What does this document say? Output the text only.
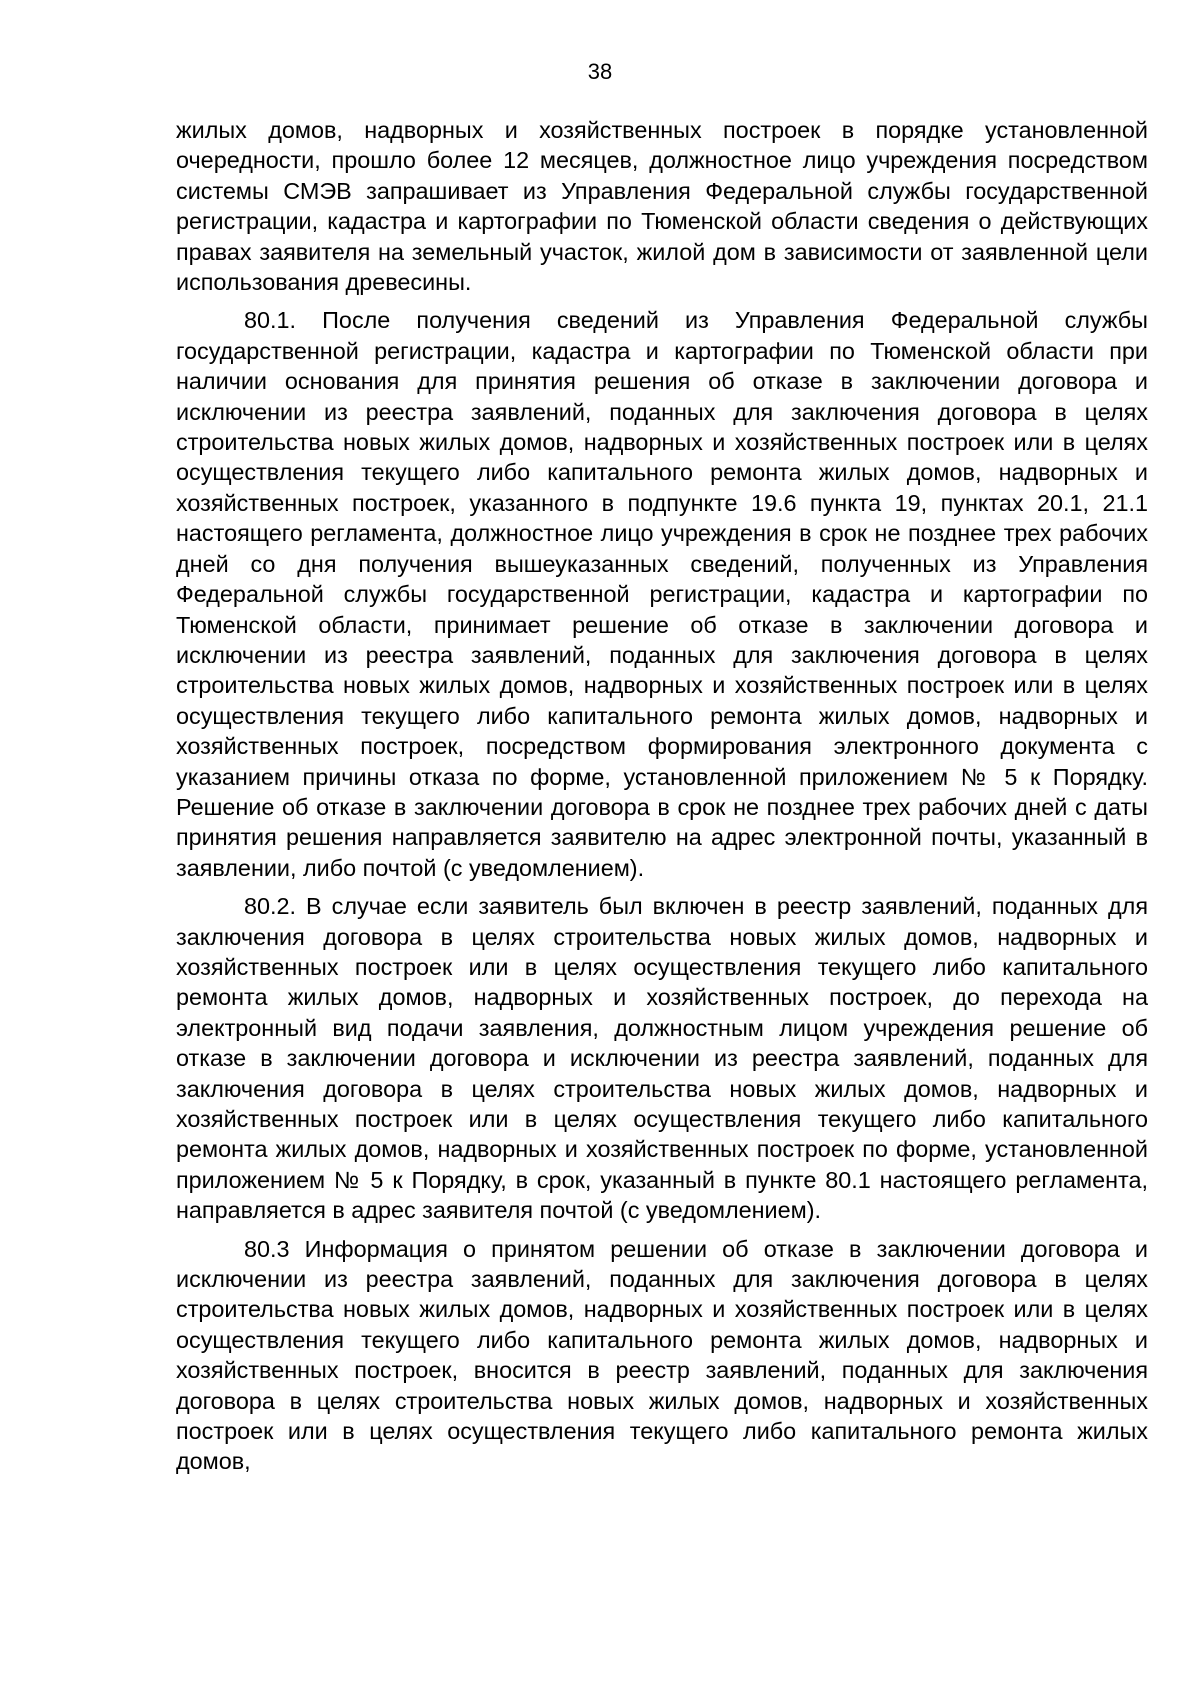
38

жилых домов, надворных и хозяйственных построек в порядке установленной очередности, прошло более 12 месяцев, должностное лицо учреждения посредством системы СМЭВ запрашивает из Управления Федеральной службы государственной регистрации, кадастра и картографии по Тюменской области сведения о действующих правах заявителя на земельный участок, жилой дом в зависимости от заявленной цели использования древесины.

80.1. После получения сведений из Управления Федеральной службы государственной регистрации, кадастра и картографии по Тюменской области при наличии основания для принятия решения об отказе в заключении договора и исключении из реестра заявлений, поданных для заключения договора в целях строительства новых жилых домов, надворных и хозяйственных построек или в целях осуществления текущего либо капитального ремонта жилых домов, надворных и хозяйственных построек, указанного в подпункте 19.6 пункта 19, пунктах 20.1, 21.1 настоящего регламента, должностное лицо учреждения в срок не позднее трех рабочих дней со дня получения вышеуказанных сведений, полученных из Управления Федеральной службы государственной регистрации, кадастра и картографии по Тюменской области, принимает решение об отказе в заключении договора и исключении из реестра заявлений, поданных для заключения договора в целях строительства новых жилых домов, надворных и хозяйственных построек или в целях осуществления текущего либо капитального ремонта жилых домов, надворных и хозяйственных построек, посредством формирования электронного документа с указанием причины отказа по форме, установленной приложением № 5 к Порядку. Решение об отказе в заключении договора в срок не позднее трех рабочих дней с даты принятия решения направляется заявителю на адрес электронной почты, указанный в заявлении, либо почтой (с уведомлением).

80.2. В случае если заявитель был включен в реестр заявлений, поданных для заключения договора в целях строительства новых жилых домов, надворных и хозяйственных построек или в целях осуществления текущего либо капитального ремонта жилых домов, надворных и хозяйственных построек, до перехода на электронный вид подачи заявления, должностным лицом учреждения решение об отказе в заключении договора и исключении из реестра заявлений, поданных для заключения договора в целях строительства новых жилых домов, надворных и хозяйственных построек или в целях осуществления текущего либо капитального ремонта жилых домов, надворных и хозяйственных построек по форме, установленной приложением № 5 к Порядку, в срок, указанный в пункте 80.1 настоящего регламента, направляется в адрес заявителя почтой (с уведомлением).

80.3 Информация о принятом решении об отказе в заключении договора и исключении из реестра заявлений, поданных для заключения договора в целях строительства новых жилых домов, надворных и хозяйственных построек или в целях осуществления текущего либо капитального ремонта жилых домов, надворных и хозяйственных построек, вносится в реестр заявлений, поданных для заключения договора в целях строительства новых жилых домов, надворных и хозяйственных построек или в целях осуществления текущего либо капитального ремонта жилых домов,
